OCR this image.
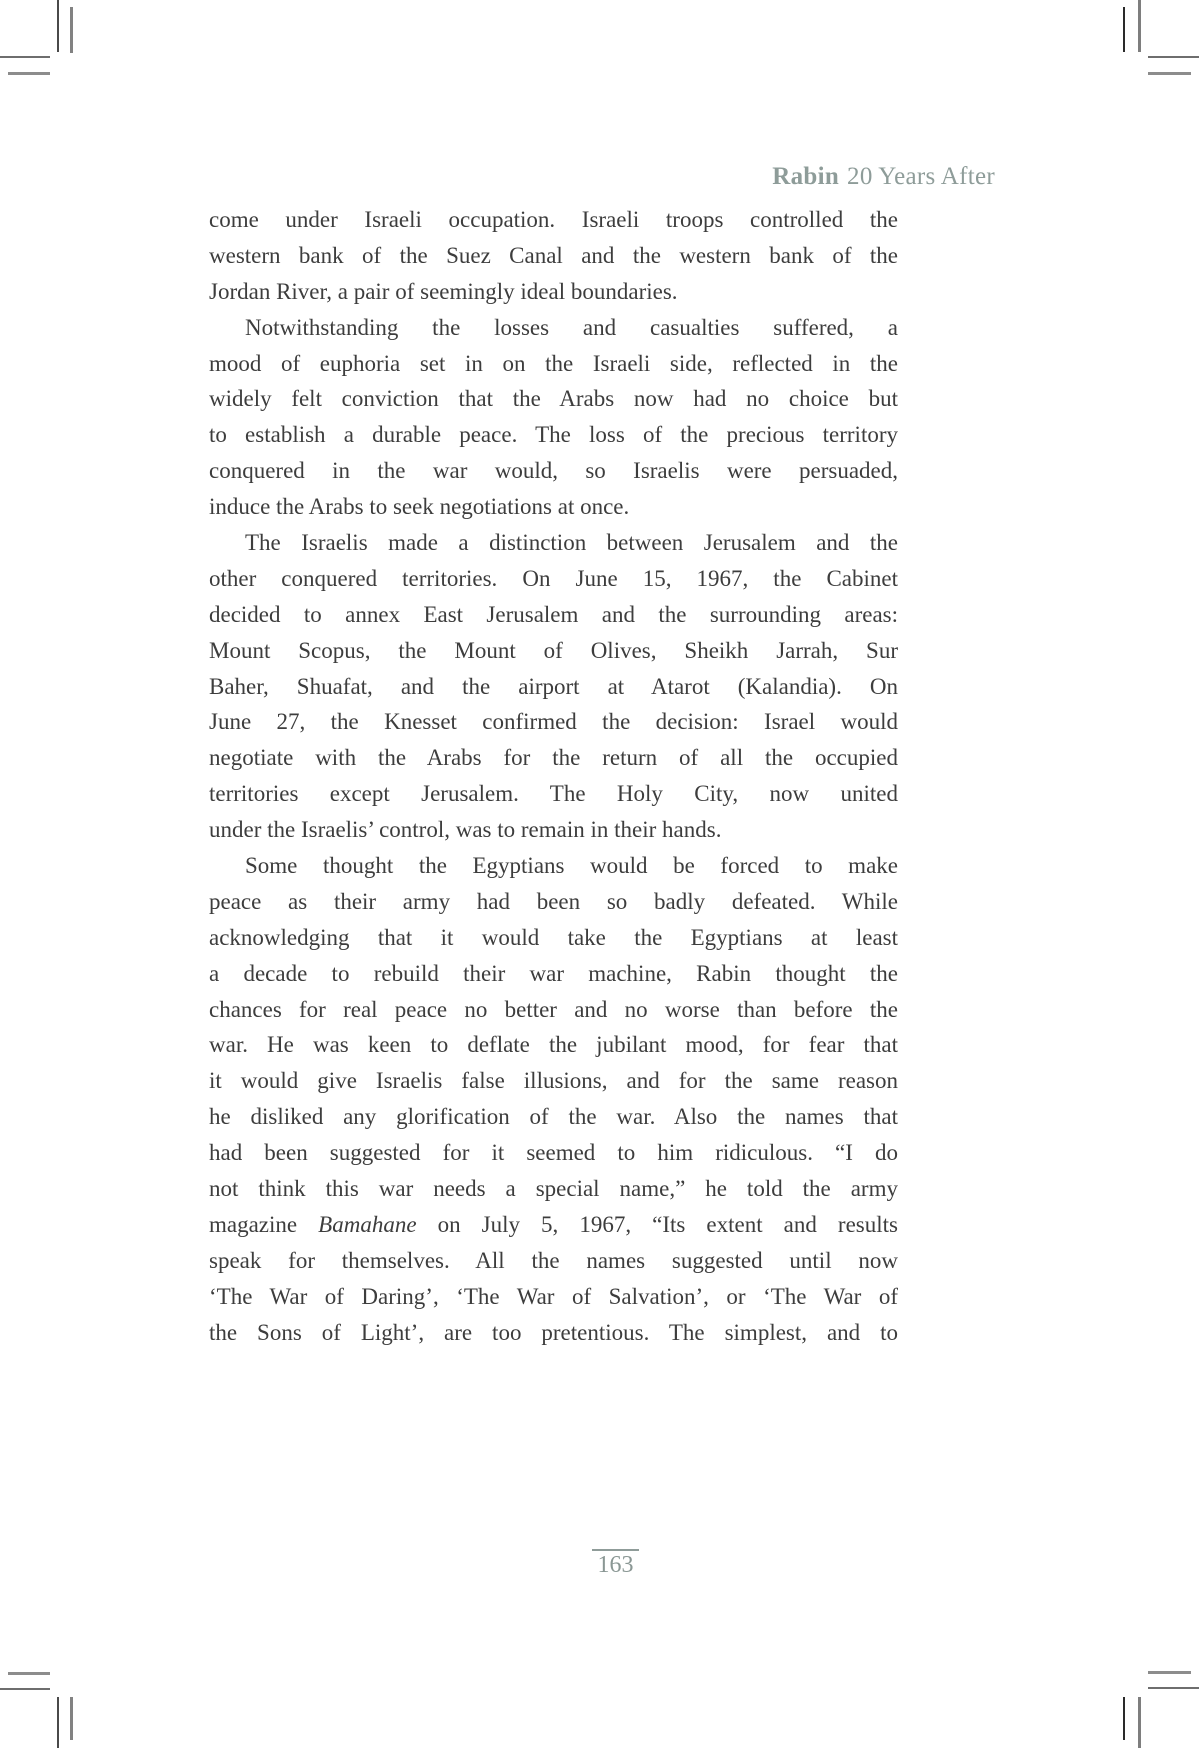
Rabin 20 Years After
come under Israeli occupation. Israeli troops controlled the
western bank of the Suez Canal and the western bank of the
Jordan River, a pair of seemingly ideal boundaries.
Notwithstanding the losses and casualties suffered, a
mood of euphoria set in on the Israeli side, reflected in the
widely felt conviction that the Arabs now had no choice but
to establish a durable peace. The loss of the precious territory
conquered in the war would, so Israelis were persuaded,
induce the Arabs to seek negotiations at once.
The Israelis made a distinction between Jerusalem and the
other conquered territories. On June 15, 1967, the Cabinet
decided to annex East Jerusalem and the surrounding areas:
Mount Scopus, the Mount of Olives, Sheikh Jarrah, Sur
Baher, Shuafat, and the airport at Atarot (Kalandia). On
June 27, the Knesset confirmed the decision: Israel would
negotiate with the Arabs for the return of all the occupied
territories except Jerusalem. The Holy City, now united
under the Israelis’ control, was to remain in their hands.
Some thought the Egyptians would be forced to make
peace as their army had been so badly defeated. While
acknowledging that it would take the Egyptians at least
a decade to rebuild their war machine, Rabin thought the
chances for real peace no better and no worse than before the
war. He was keen to deflate the jubilant mood, for fear that
it would give Israelis false illusions, and for the same reason
he disliked any glorification of the war. Also the names that
had been suggested for it seemed to him ridiculous. “I do
not think this war needs a special name,” he told the army
magazine Bamahane on July 5, 1967, “Its extent and results
speak for themselves. All the names suggested until now
‘The War of Daring’, ‘The War of Salvation’, or ‘The War of
the Sons of Light’, are too pretentious. The simplest, and to
163
